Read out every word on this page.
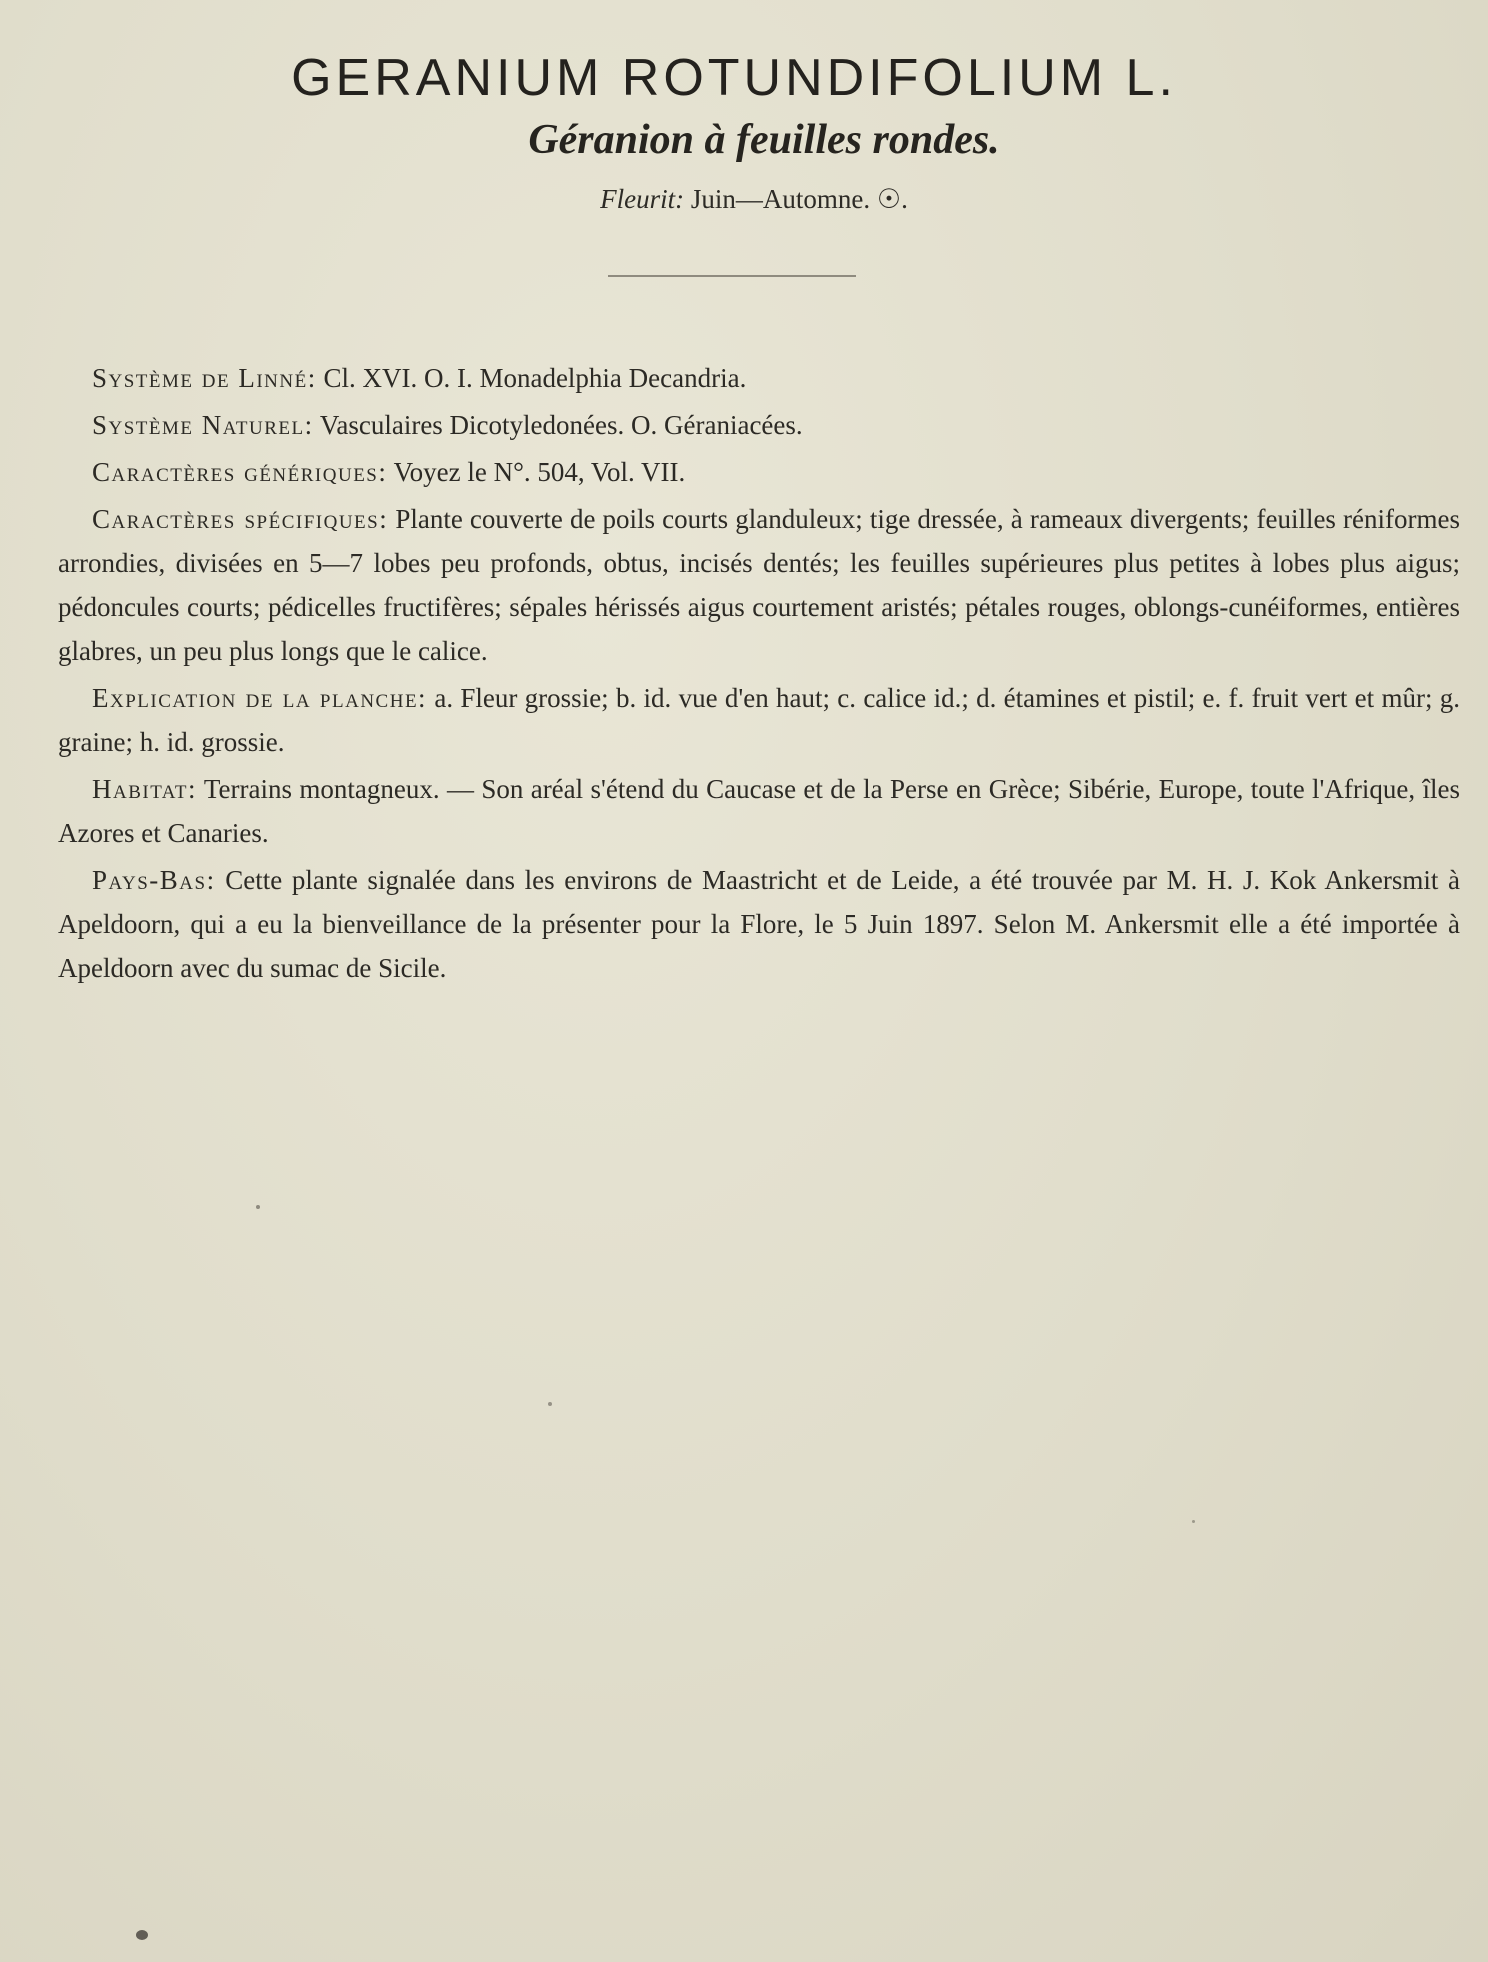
GERANIUM ROTUNDIFOLIUM L.
Géranion à feuilles rondes.
Fleurit: Juin—Automne. ☉.

Système de Linné: Cl. XVI. O. I. Monadelphia Decandria.

Système Naturel: Vasculaires Dicotyledonées. O. Géraniacées.

Caractères génériques: Voyez le N°. 504, Vol. VII.

Caractères spécifiques: Plante couverte de poils courts glanduleux; tige dressée, à rameaux divergents; feuilles réniformes arrondies, divisées en 5—7 lobes peu profonds, obtus, incisés dentés; les feuilles supérieures plus petites à lobes plus aigus; pédoncules courts; pédicelles fructifères; sépales hérissés aigus courtement aristés; pétales rouges, oblongs-cunéiformes, entières glabres, un peu plus longs que le calice.

Explication de la planche: a. Fleur grossie; b. id. vue d'en haut; c. calice id.; d. étamines et pistil; e. f. fruit vert et mûr; g. graine; h. id. grossie.

Habitat: Terrains montagneux. — Son aréal s'étend du Caucase et de la Perse en Grèce; Sibérie, Europe, toute l'Afrique, îles Azores et Canaries.

Pays-Bas: Cette plante signalée dans les environs de Maastricht et de Leide, a été trouvée par M. H. J. Kok Ankersmit à Apeldoorn, qui a eu la bienveillance de la présenter pour la Flore, le 5 Juin 1897. Selon M. Ankersmit elle a été importée à Apeldoorn avec du sumac de Sicile.
